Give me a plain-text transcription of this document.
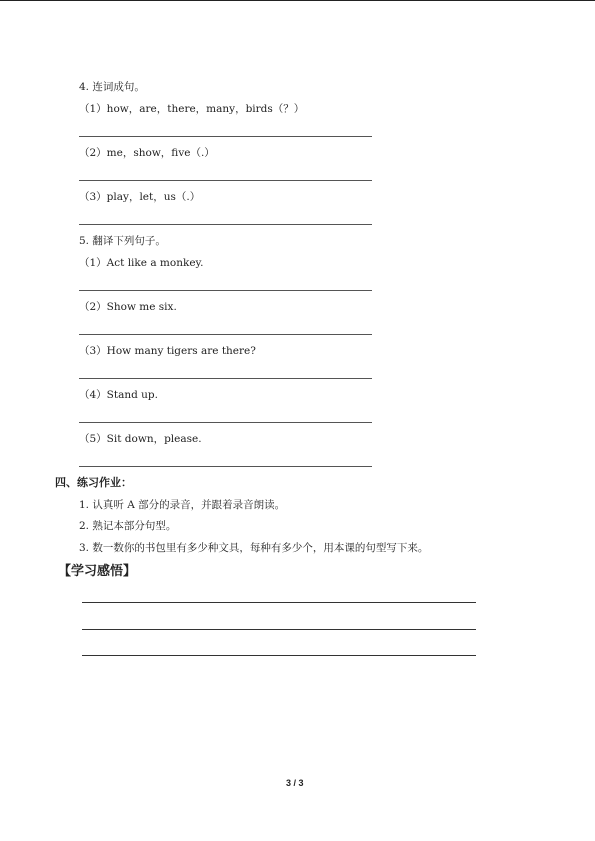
4. 连词成句。
（1）how，are，there，many，birds（？）
（2）me，show，five（.）
（3）play，let，us（.）
5. 翻译下列句子。
（1）Act like a monkey.
（2）Show me six.
（3）How many tigers are there?
（4）Stand up.
（5）Sit down，please.
四、练习作业：
1. 认真听 A 部分的录音，并跟着录音朗读。
2. 熟记本部分句型。
3. 数一数你的书包里有多少种文具，每种有多少个，用本课的句型写下来。
【学习感悟】
3 / 3
